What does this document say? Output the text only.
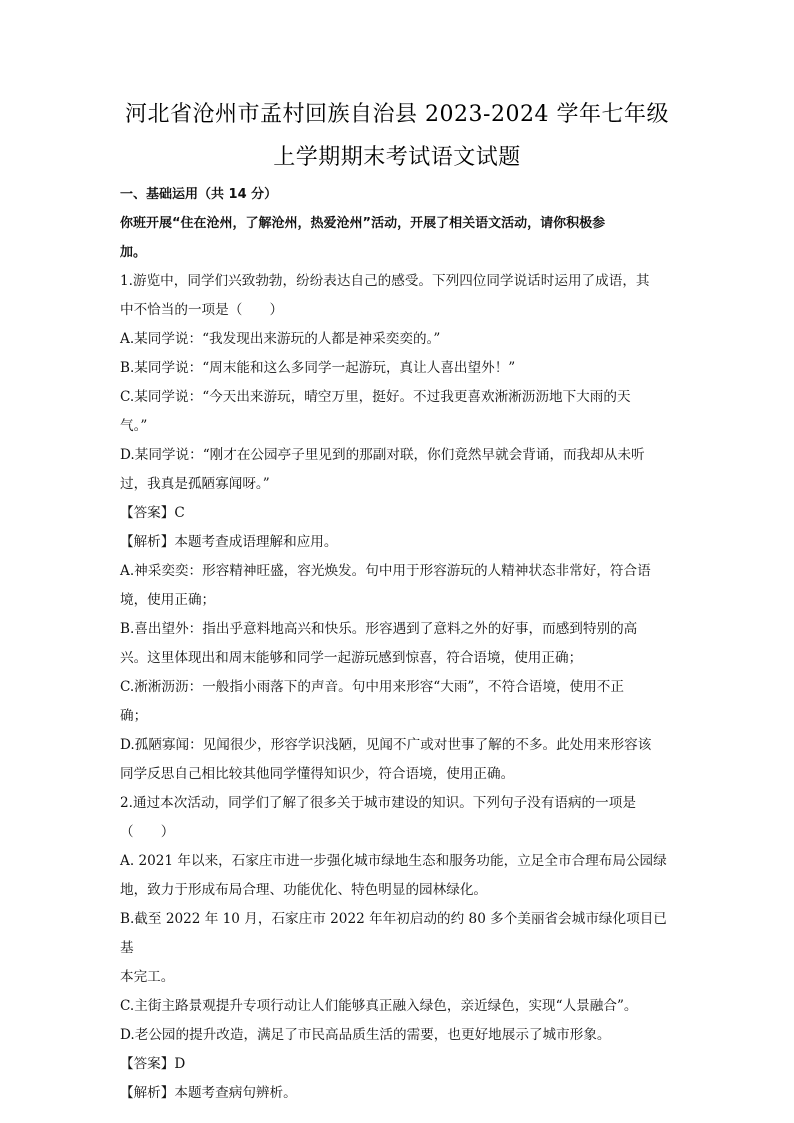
河北省沧州市孟村回族自治县 2023-2024 学年七年级
上学期期末考试语文试题

一、基础运用（共 14 分）

你班开展“住在沧州，了解沧州，热爱沧州”活动，开展了相关语文活动，请你积极参

加。

1.游览中，同学们兴致勃勃，纷纷表达自己的感受。下列四位同学说话时运用了成语，其

中不恰当的一项是（　　）

A.某同学说：“我发现出来游玩的人都是神采奕奕的。”

B.某同学说：“周末能和这么多同学一起游玩，真让人喜出望外！”

C.某同学说：“今天出来游玩，晴空万里，挺好。不过我更喜欢淅淅沥沥地下大雨的天

气。”

D.某同学说：“刚才在公园亭子里见到的那副对联，你们竟然早就会背诵，而我却从未听

过，我真是孤陋寡闻呀。”

【答案】C

【解析】本题考查成语理解和应用。

A.神采奕奕：形容精神旺盛，容光焕发。句中用于形容游玩的人精神状态非常好，符合语

境，使用正确；

B.喜出望外：指出乎意料地高兴和快乐。形容遇到了意料之外的好事，而感到特别的高

兴。这里体现出和周末能够和同学一起游玩感到惊喜，符合语境，使用正确；

C.淅淅沥沥：一般指小雨落下的声音。句中用来形容“大雨”，不符合语境，使用不正

确；

D.孤陋寡闻：见闻很少，形容学识浅陋，见闻不广或对世事了解的不多。此处用来形容该

同学反思自己相比较其他同学懂得知识少，符合语境，使用正确。

2.通过本次活动，同学们了解了很多关于城市建设的知识。下列句子没有语病的一项是

（　　）

A. 2021 年以来，石家庄市进一步强化城市绿地生态和服务功能，立足全市合理布局公园绿

地，致力于形成布局合理、功能优化、特色明显的园林绿化。

B.截至 2022 年 10 月，石家庄市 2022 年年初启动的约 80 多个美丽省会城市绿化项目已基

本完工。

C.主街主路景观提升专项行动让人们能够真正融入绿色，亲近绿色，实现“人景融合”。

D.老公园的提升改造，满足了市民高品质生活的需要，也更好地展示了城市形象。

【答案】D

【解析】本题考查病句辨析。
